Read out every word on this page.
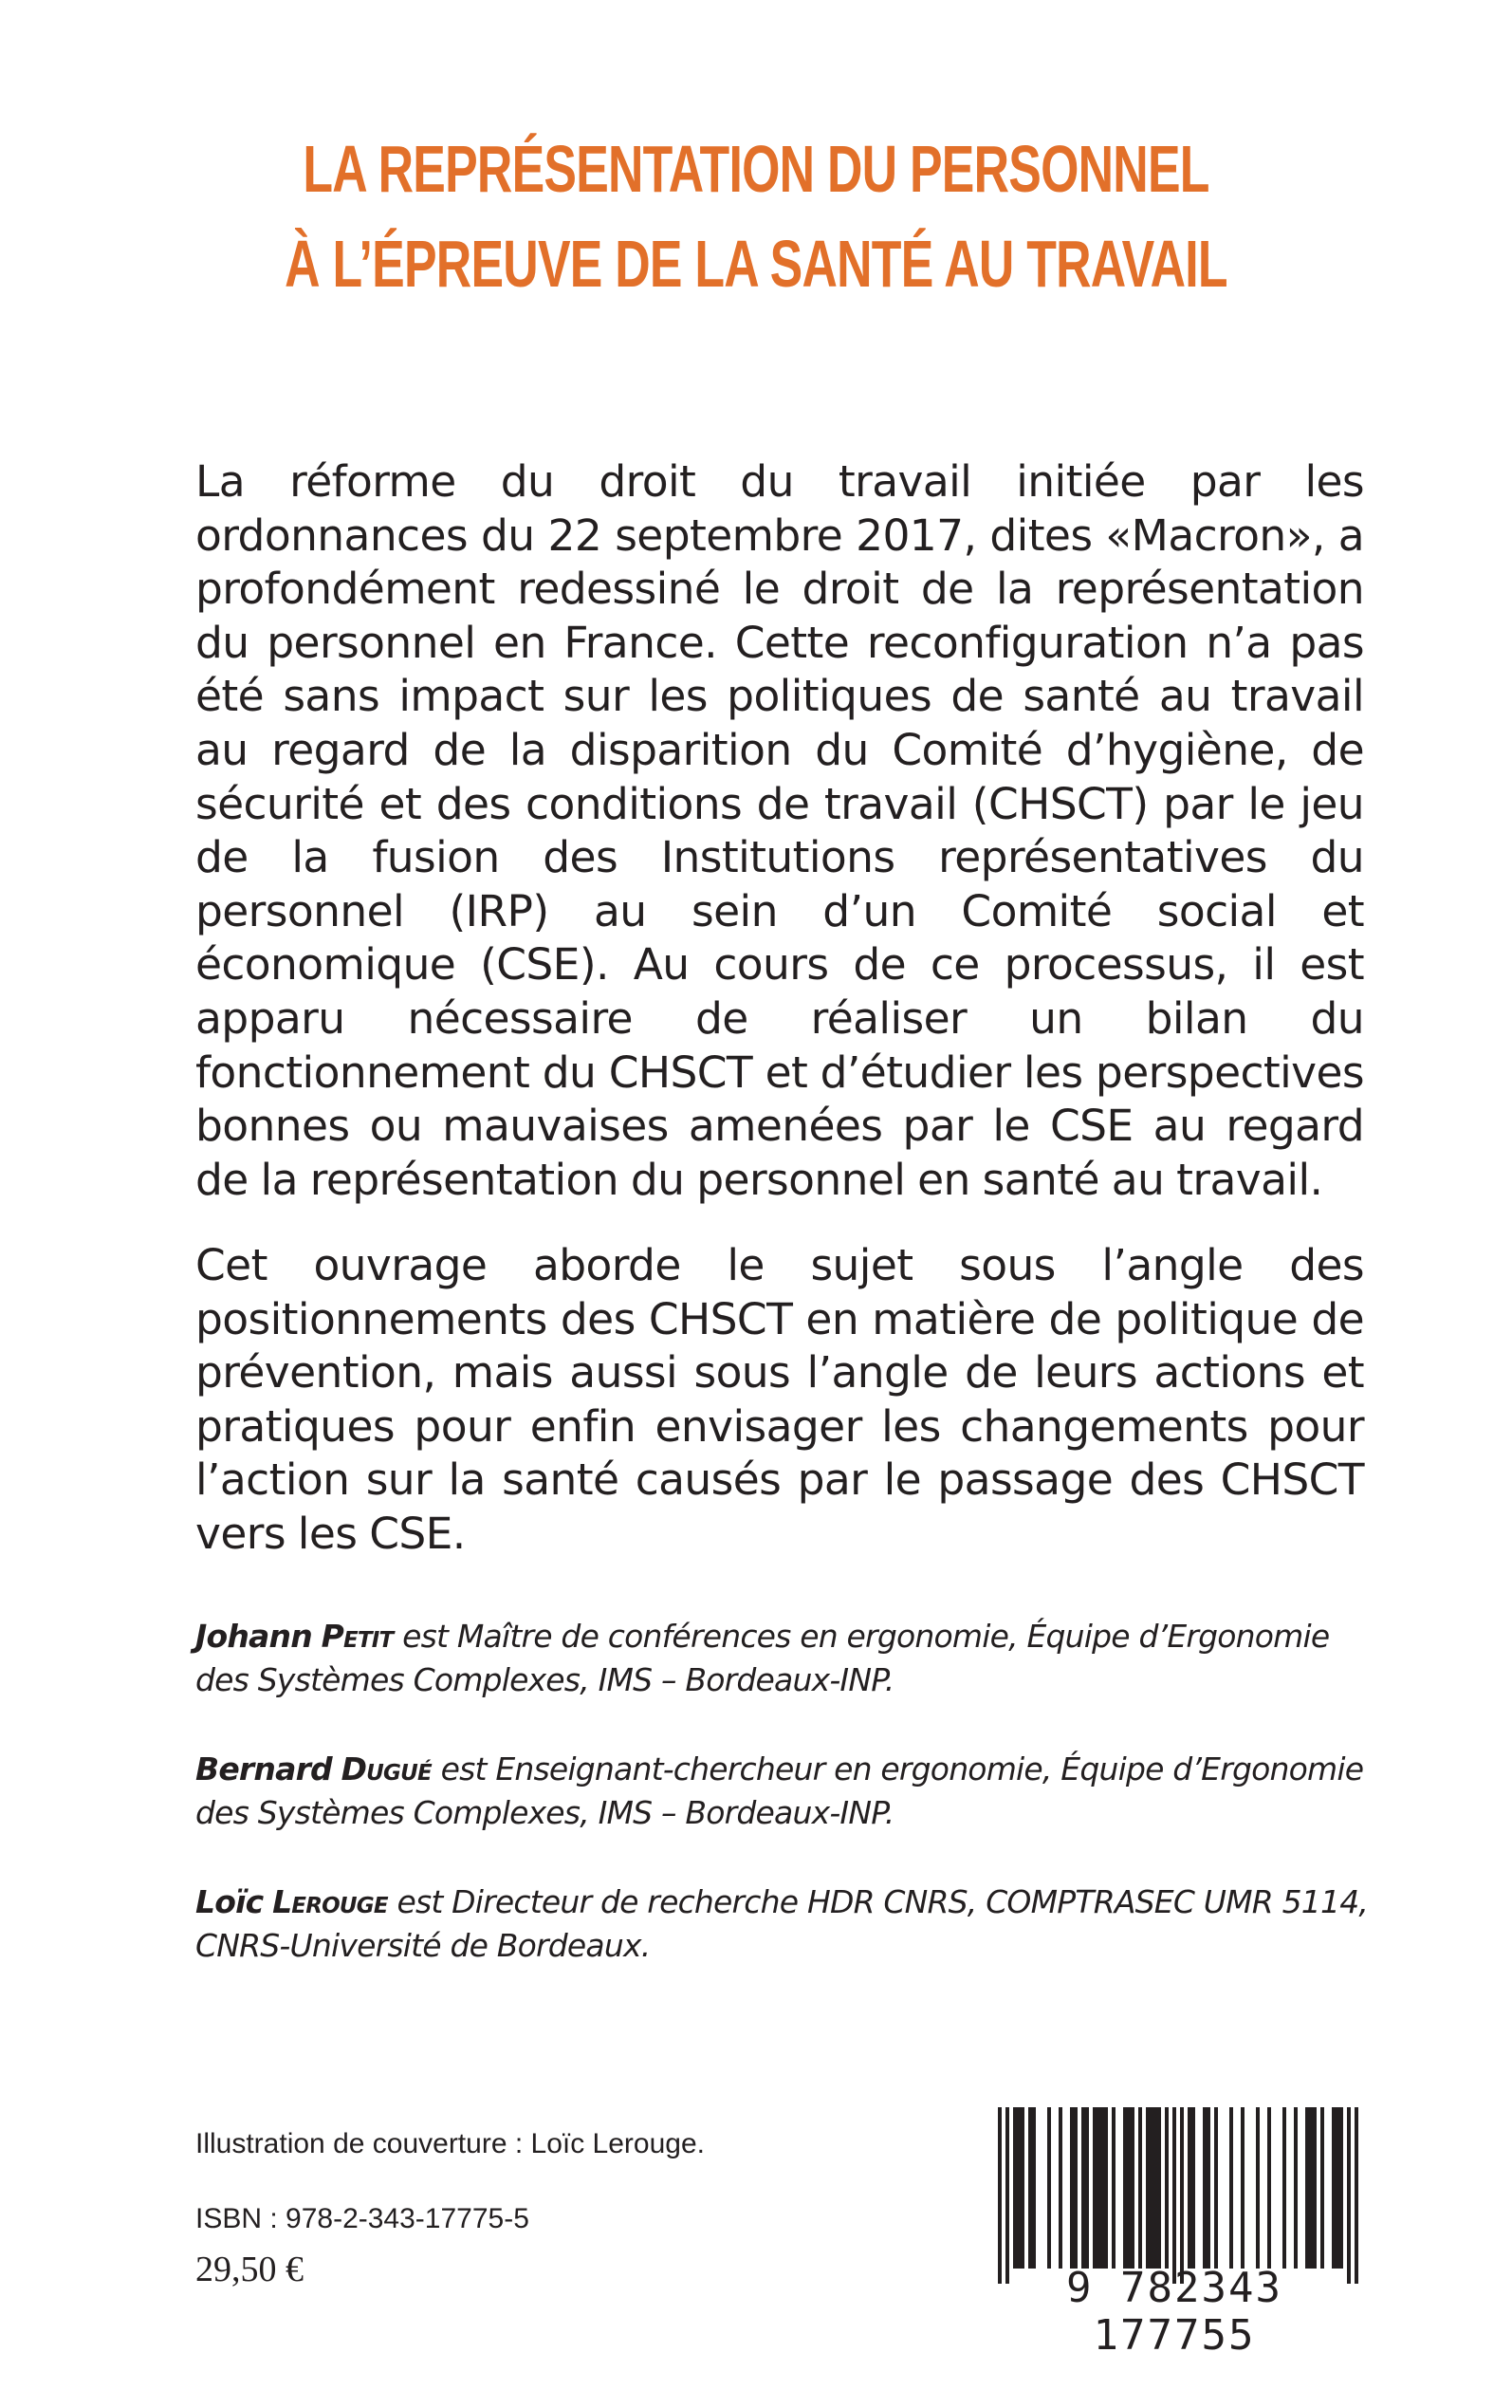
LA REPRÉSENTATION DU PERSONNEL
À L’ÉPREUVE DE LA SANTÉ AU TRAVAIL
La réforme du droit du travail initiée par les ordonnances du 22 septembre 2017, dites «Macron», a profondément redessiné le droit de la représentation du personnel en France. Cette reconfiguration n’a pas été sans impact sur les politiques de santé au travail au regard de la disparition du Comité d’hygiène, de sécurité et des conditions de travail (CHSCT) par le jeu de la fusion des Institutions représentatives du personnel (IRP) au sein d’un Comité social et économique (CSE). Au cours de ce processus, il est apparu nécessaire de réaliser un bilan du fonctionnement du CHSCT et d’étudier les perspectives bonnes ou mauvaises amenées par le CSE au regard de la représentation du personnel en santé au travail.
Cet ouvrage aborde le sujet sous l’angle des positionnements des CHSCT en matière de politique de prévention, mais aussi sous l’angle de leurs actions et pratiques pour enfin envisager les changements pour l’action sur la santé causés par le passage des CHSCT vers les CSE.
Johann Petit est Maître de conférences en ergonomie, Équipe d’Ergonomie des Systèmes Complexes, IMS – Bordeaux-INP.
Bernard Dugué est Enseignant-chercheur en ergonomie, Équipe d’Ergonomie des Systèmes Complexes, IMS – Bordeaux-INP.
Loïc Lerouge est Directeur de recherche HDR CNRS, COMPTRASEC UMR 5114, CNRS-Université de Bordeaux.
Illustration de couverture : Loïc Lerouge.
ISBN : 978-2-343-17775-5
29,50 €	9 782343 177755
